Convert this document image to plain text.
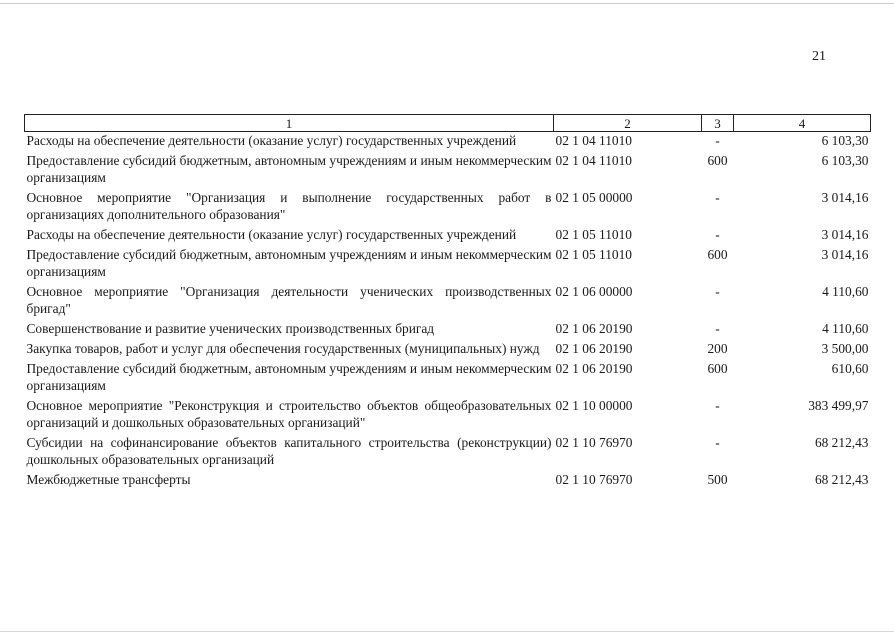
21
1	2	3	4
Расходы на обеспечение деятельности (оказание услуг) государственных учреждений	02 1 04 11010	-	6 103,30
Предоставление субсидий бюджетным, автономным учреждениям и иным некоммерческим организациям	02 1 04 11010	600	6 103,30
Основное мероприятие "Организация и выполнение государственных работ в организациях дополнительного образования"	02 1 05 00000	-	3 014,16
Расходы на обеспечение деятельности (оказание услуг) государственных учреждений	02 1 05 11010	-	3 014,16
Предоставление субсидий бюджетным, автономным учреждениям и иным некоммерческим организациям	02 1 05 11010	600	3 014,16
Основное мероприятие "Организация деятельности ученических производственных бригад"	02 1 06 00000	-	4 110,60
Совершенствование и развитие ученических производственных бригад	02 1 06 20190	-	4 110,60
Закупка товаров, работ и услуг для обеспечения государственных (муниципальных) нужд	02 1 06 20190	200	3 500,00
Предоставление субсидий бюджетным, автономным учреждениям и иным некоммерческим организациям	02 1 06 20190	600	610,60
Основное мероприятие "Реконструкция и строительство объектов общеобразовательных организаций и дошкольных образовательных организаций"	02 1 10 00000	-	383 499,97
Субсидии на софинансирование объектов капитального строительства (реконструкции) дошкольных образовательных организаций	02 1 10 76970	-	68 212,43
Межбюджетные трансферты	02 1 10 76970	500	68 212,43
